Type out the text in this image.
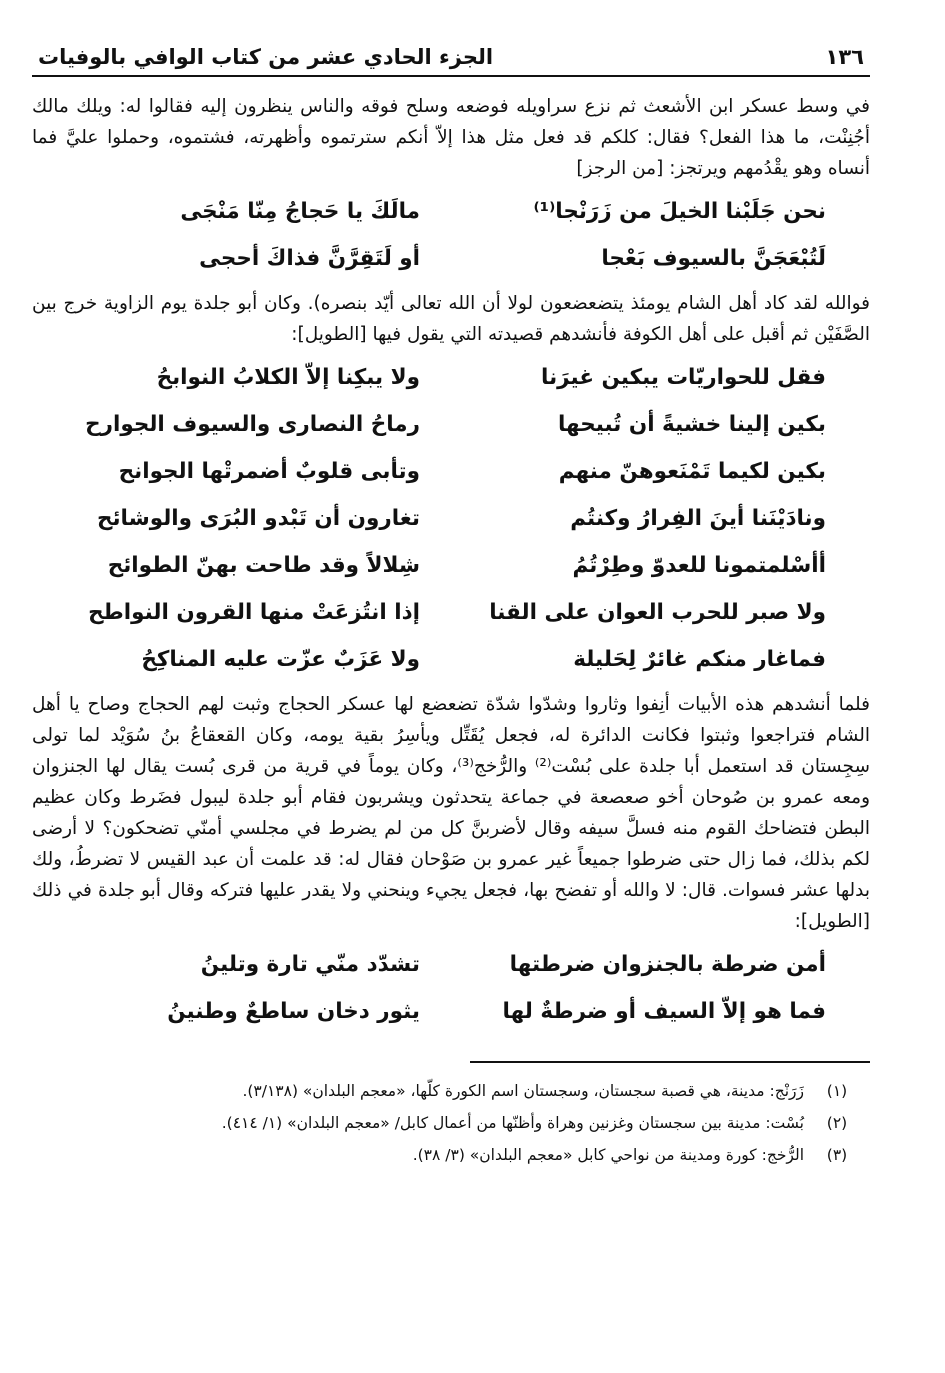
١٣٦
الجزء الحادي عشر من كتاب الوافي بالوفيات

في وسط عسكر ابن الأشعث ثم نزع سراويله فوضعه وسلح فوقه والناس ينظرون إليه فقالوا له: ويلك مالك أجُنِنْت، ما هذا الفعل؟ فقال: كلكم قد فعل مثل هذا إلاّ أنكم سترتموه وأظهرته، فشتموه، وحملوا عليَّ فما أنساه وهو يقْدُمهم ويرتجز: [من الرجز]

نحن جَلَبْنا الخيلَ من زَرَنْجا⁽¹⁾
مالَكَ يا حَجاجُ مِنّا مَنْجَى
لَتُبْعَجَنَّ بالسيوف بَعْجا
أو لَتَقِرَّنَّ فذاكَ أحجى

فوالله لقد كاد أهل الشام يومئذ يتضعضعون لولا أن الله تعالى أيّد بنصره). وكان أبو جلدة يوم الزاوية خرج بين الصَّفَيْن ثم أقبل على أهل الكوفة فأنشدهم قصيدته التي يقول فيها [الطويل]:

فقل للحواريّات يبكين غيرَنا
ولا يبكِنا إلاّ الكلابُ النوابحُ
بكين إلينا خشيةً أن تُبيحها
رماحُ النصارى والسيوف الجوارح
بكين لكيما تَمْنَعوهنّ منهم
وتأبى قلوبٌ أضمرتْها الجوانح
ونادَيْنَنا أينَ الفِرارُ وكنتُم
تغارون أن تَبْدو البُرَى والوشائح
أأسْلمتمونا للعدوّ وطِرْتُمُ
شِلالاً وقد طاحت بهنّ الطوائح
ولا صبر للحرب العوان على القنا
إذا انتُزعَتْ منها القرون النواطح
فماغار منكم غائرٌ لِحَليلة
ولا عَزَبٌ عزّت عليه المناكِحُ

فلما أنشدهم هذه الأبيات أنِفوا وثاروا وشدّوا شدّة تضعضع لها عسكر الحجاج وثبت لهم الحجاج وصاح يا أهل الشام فتراجعوا وثبتوا فكانت الدائرة له، فجعل يُقَتِّل ويأسِرُ بقية يومه، وكان القعقاعُ بنُ سُوَيْد لما تولى سِجِستان قد استعمل أبا جلدة على بُسْت⁽²⁾ والرُّخج⁽³⁾، وكان يوماً في قرية من قرى بُست يقال لها الجنزوان ومعه عمرو بن صُوحان أخو صعصعة في جماعة يتحدثون ويشربون فقام أبو جلدة ليبول فضَرط وكان عظيم البطن فتضاحك القوم منه فسلَّ سيفه وقال لأضربنَّ كل من لم يضرط في مجلسي أمنّي تضحكون؟ لا أرضى لكم بذلك، فما زال حتى ضرطوا جميعاً غير عمرو بن صَوْحان فقال له: قد علمت أن عبد القيس لا تضرطُ، ولك بدلها عشر فسوات. قال: لا والله أو تفضح بها، فجعل يجيء وينحني ولا يقدر عليها فتركه وقال أبو جلدة في ذلك [الطويل]:

أمن ضرطة بالجنزوان ضرطتها
تشدّد منّي تارة وتلينُ
فما هو إلاّ السيف أو ضرطةٌ لها
يثور دخان ساطعٌ وطنينُ
(١)
زَرَنْج: مدينة، هي قصبة سجستان، وسجستان اسم الكورة كلّها، «معجم البلدان» (٣/١٣٨).
(٢)
بُسْت: مدينة بين سجستان وغزنين وهراة وأظنّها من أعمال كابل/ «معجم البلدان» (١/ ٤١٤).
(٣)
الرُّخج: كورة ومدينة من نواحي كابل «معجم البلدان» (٣/ ٣٨).
